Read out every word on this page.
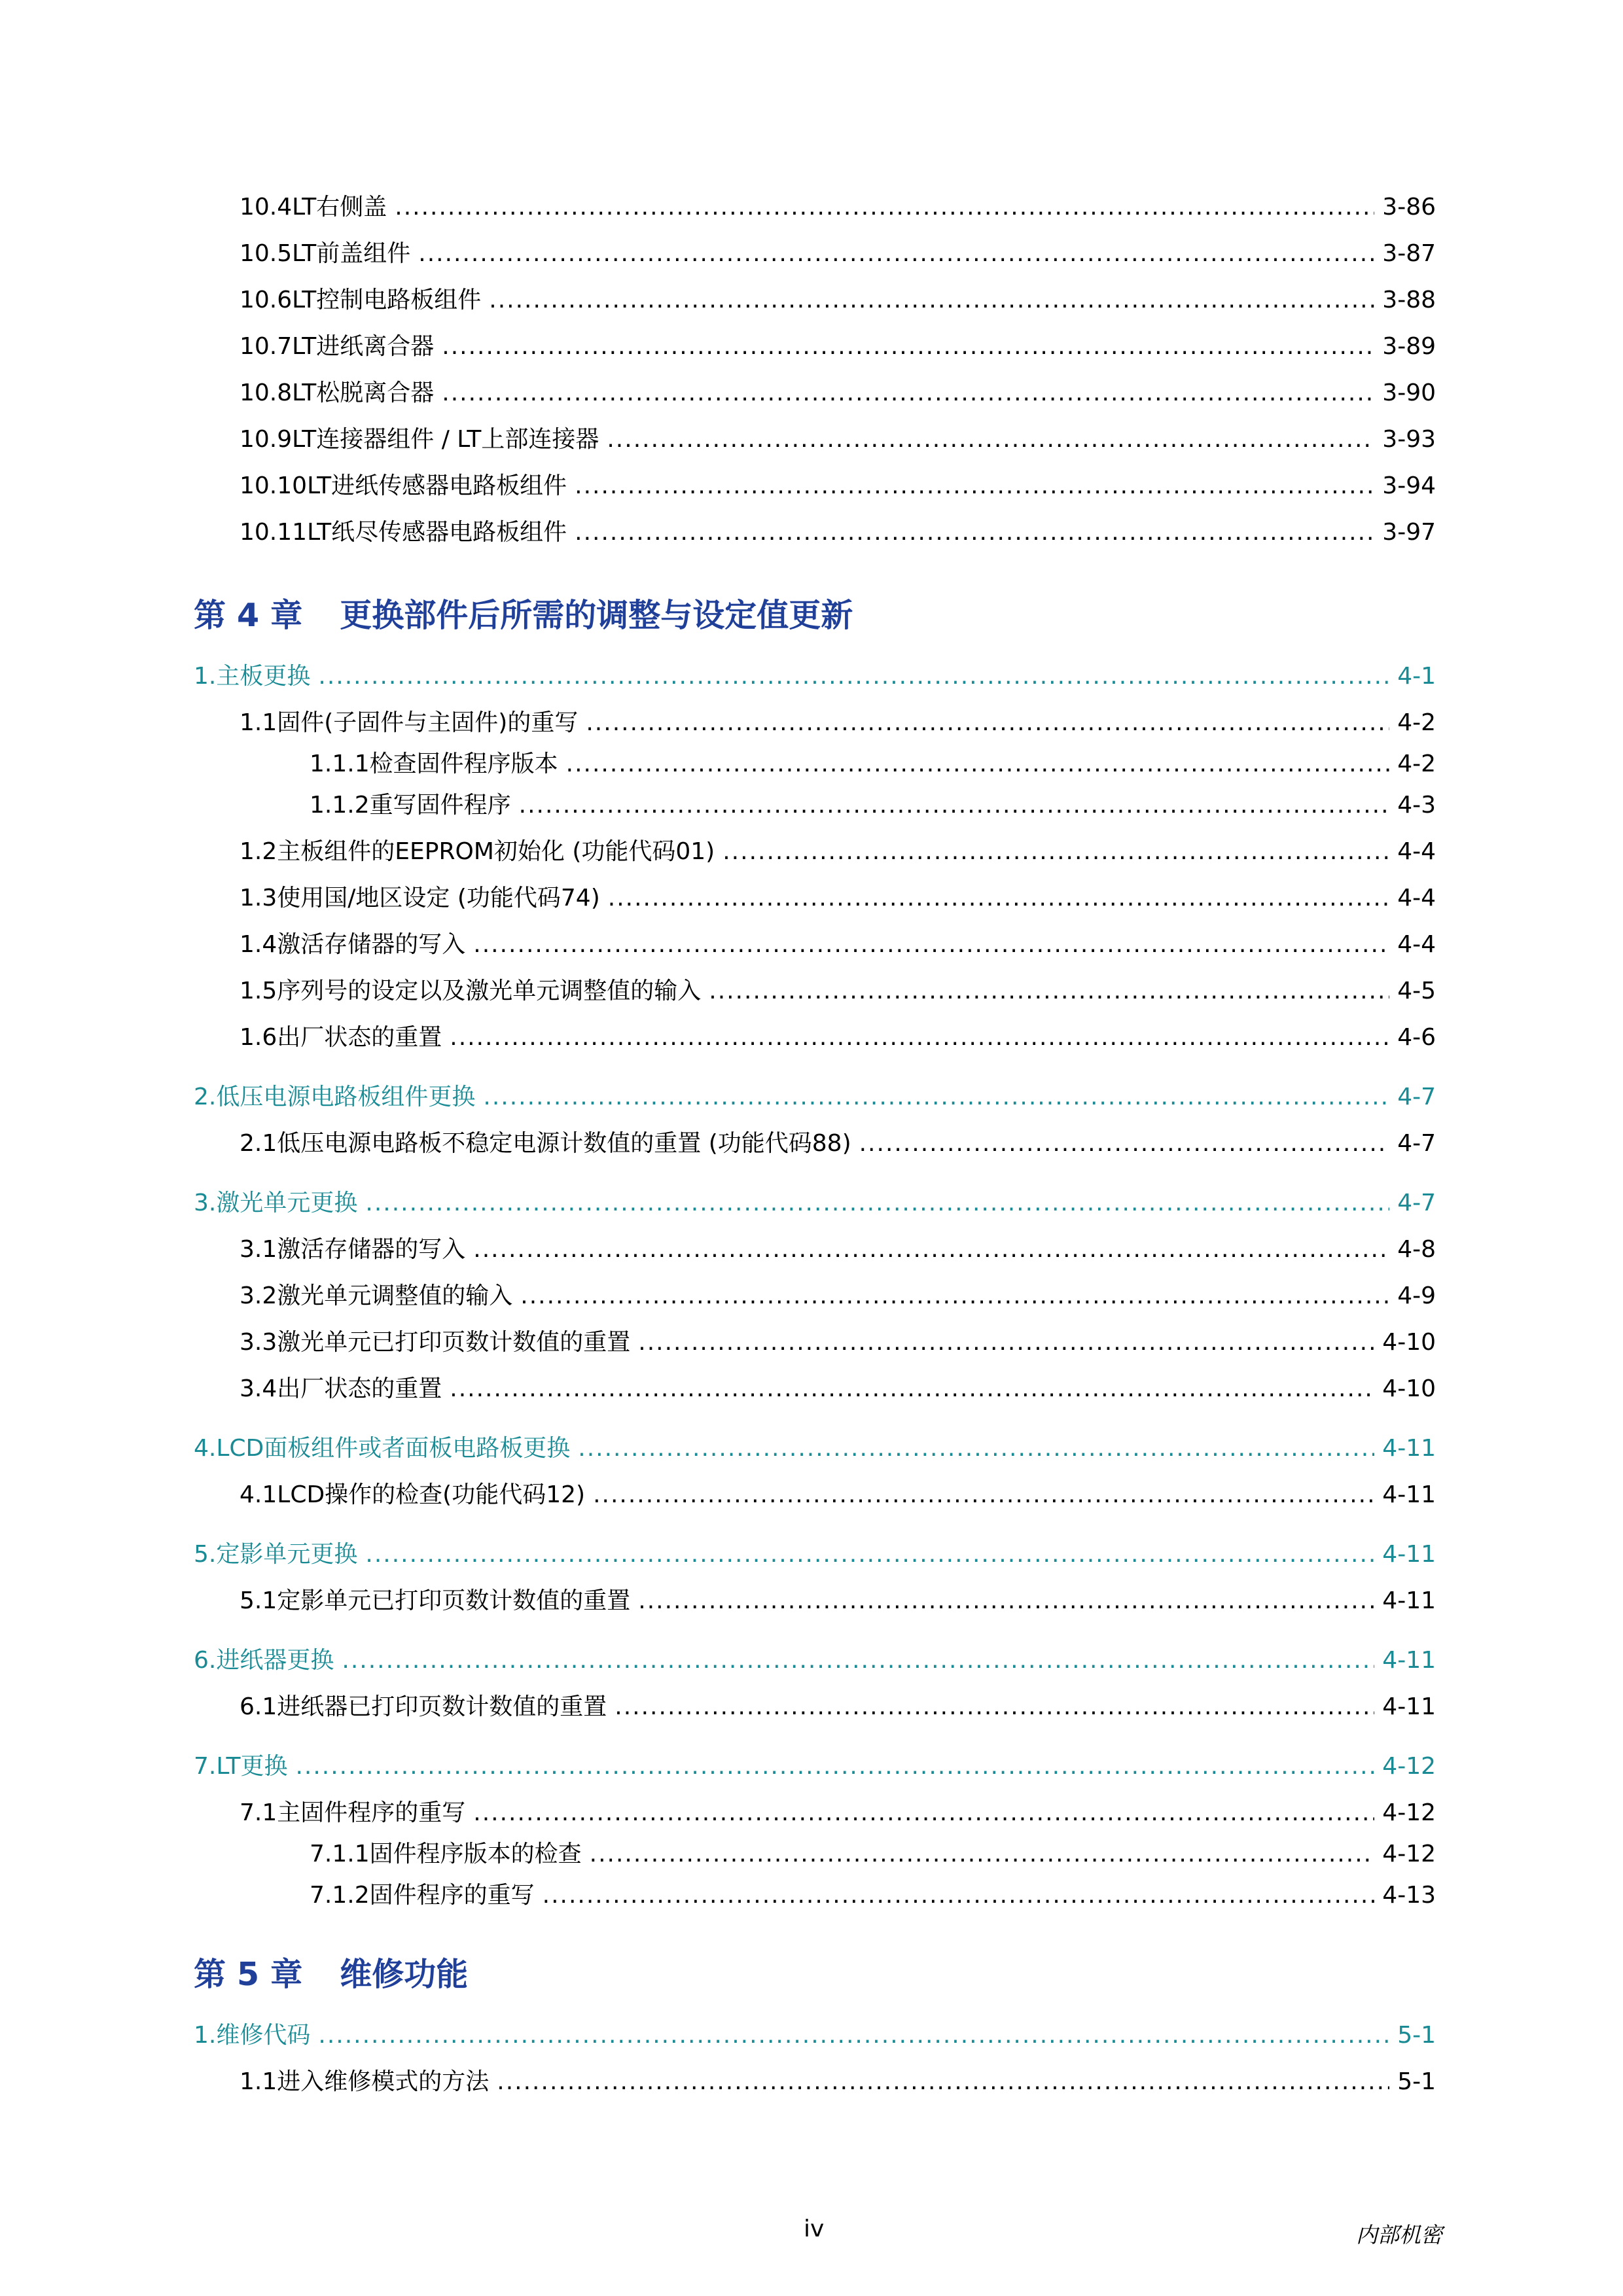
10.4 LT右侧盖 .....	3-86
10.5 LT前盖组件 .....	3-87
10.6 LT控制电路板组件 .....	3-88
10.7 LT进纸离合器 .....	3-89
10.8 LT松脱离合器 .....	3-90
10.9 LT连接器组件 / LT上部连接器 .....	3-93
10.10 LT进纸传感器电路板组件 .....	3-94
10.11 LT纸尽传感器电路板组件 .....	3-97
第 4 章 更换部件后所需的调整与设定值更新
1. 主板更换 .....	4-1
1.1 固件(子固件与主固件)的重写 .....	4-2
1.1.1 检查固件程序版本 .....	4-2
1.1.2 重写固件程序 .....	4-3
1.2 主板组件的EEPROM初始化 (功能代码01) .....	4-4
1.3 使用国/地区设定 (功能代码74) .....	4-4
1.4 激活存储器的写入 .....	4-4
1.5 序列号的设定以及激光单元调整值的输入 .....	4-5
1.6 出厂状态的重置 .....	4-6
2. 低压电源电路板组件更换 .....	4-7
2.1 低压电源电路板不稳定电源计数值的重置 (功能代码88) .....	4-7
3. 激光单元更换 .....	4-7
3.1 激活存储器的写入 .....	4-8
3.2 激光单元调整值的输入 .....	4-9
3.3 激光单元已打印页数计数值的重置 .....	4-10
3.4 出厂状态的重置 .....	4-10
4. LCD面板组件或者面板电路板更换 .....	4-11
4.1 LCD操作的检查(功能代码12) .....	4-11
5. 定影单元更换 .....	4-11
5.1 定影单元已打印页数计数值的重置 .....	4-11
6. 进纸器更换 .....	4-11
6.1 进纸器已打印页数计数值的重置 .....	4-11
7. LT更换 .....	4-12
7.1 主固件程序的重写 .....	4-12
7.1.1 固件程序版本的检查 .....	4-12
7.1.2 固件程序的重写 .....	4-13
第 5 章 维修功能
1. 维修代码 .....	5-1
1.1 进入维修模式的方法 .....	5-1
iv	内部机密
